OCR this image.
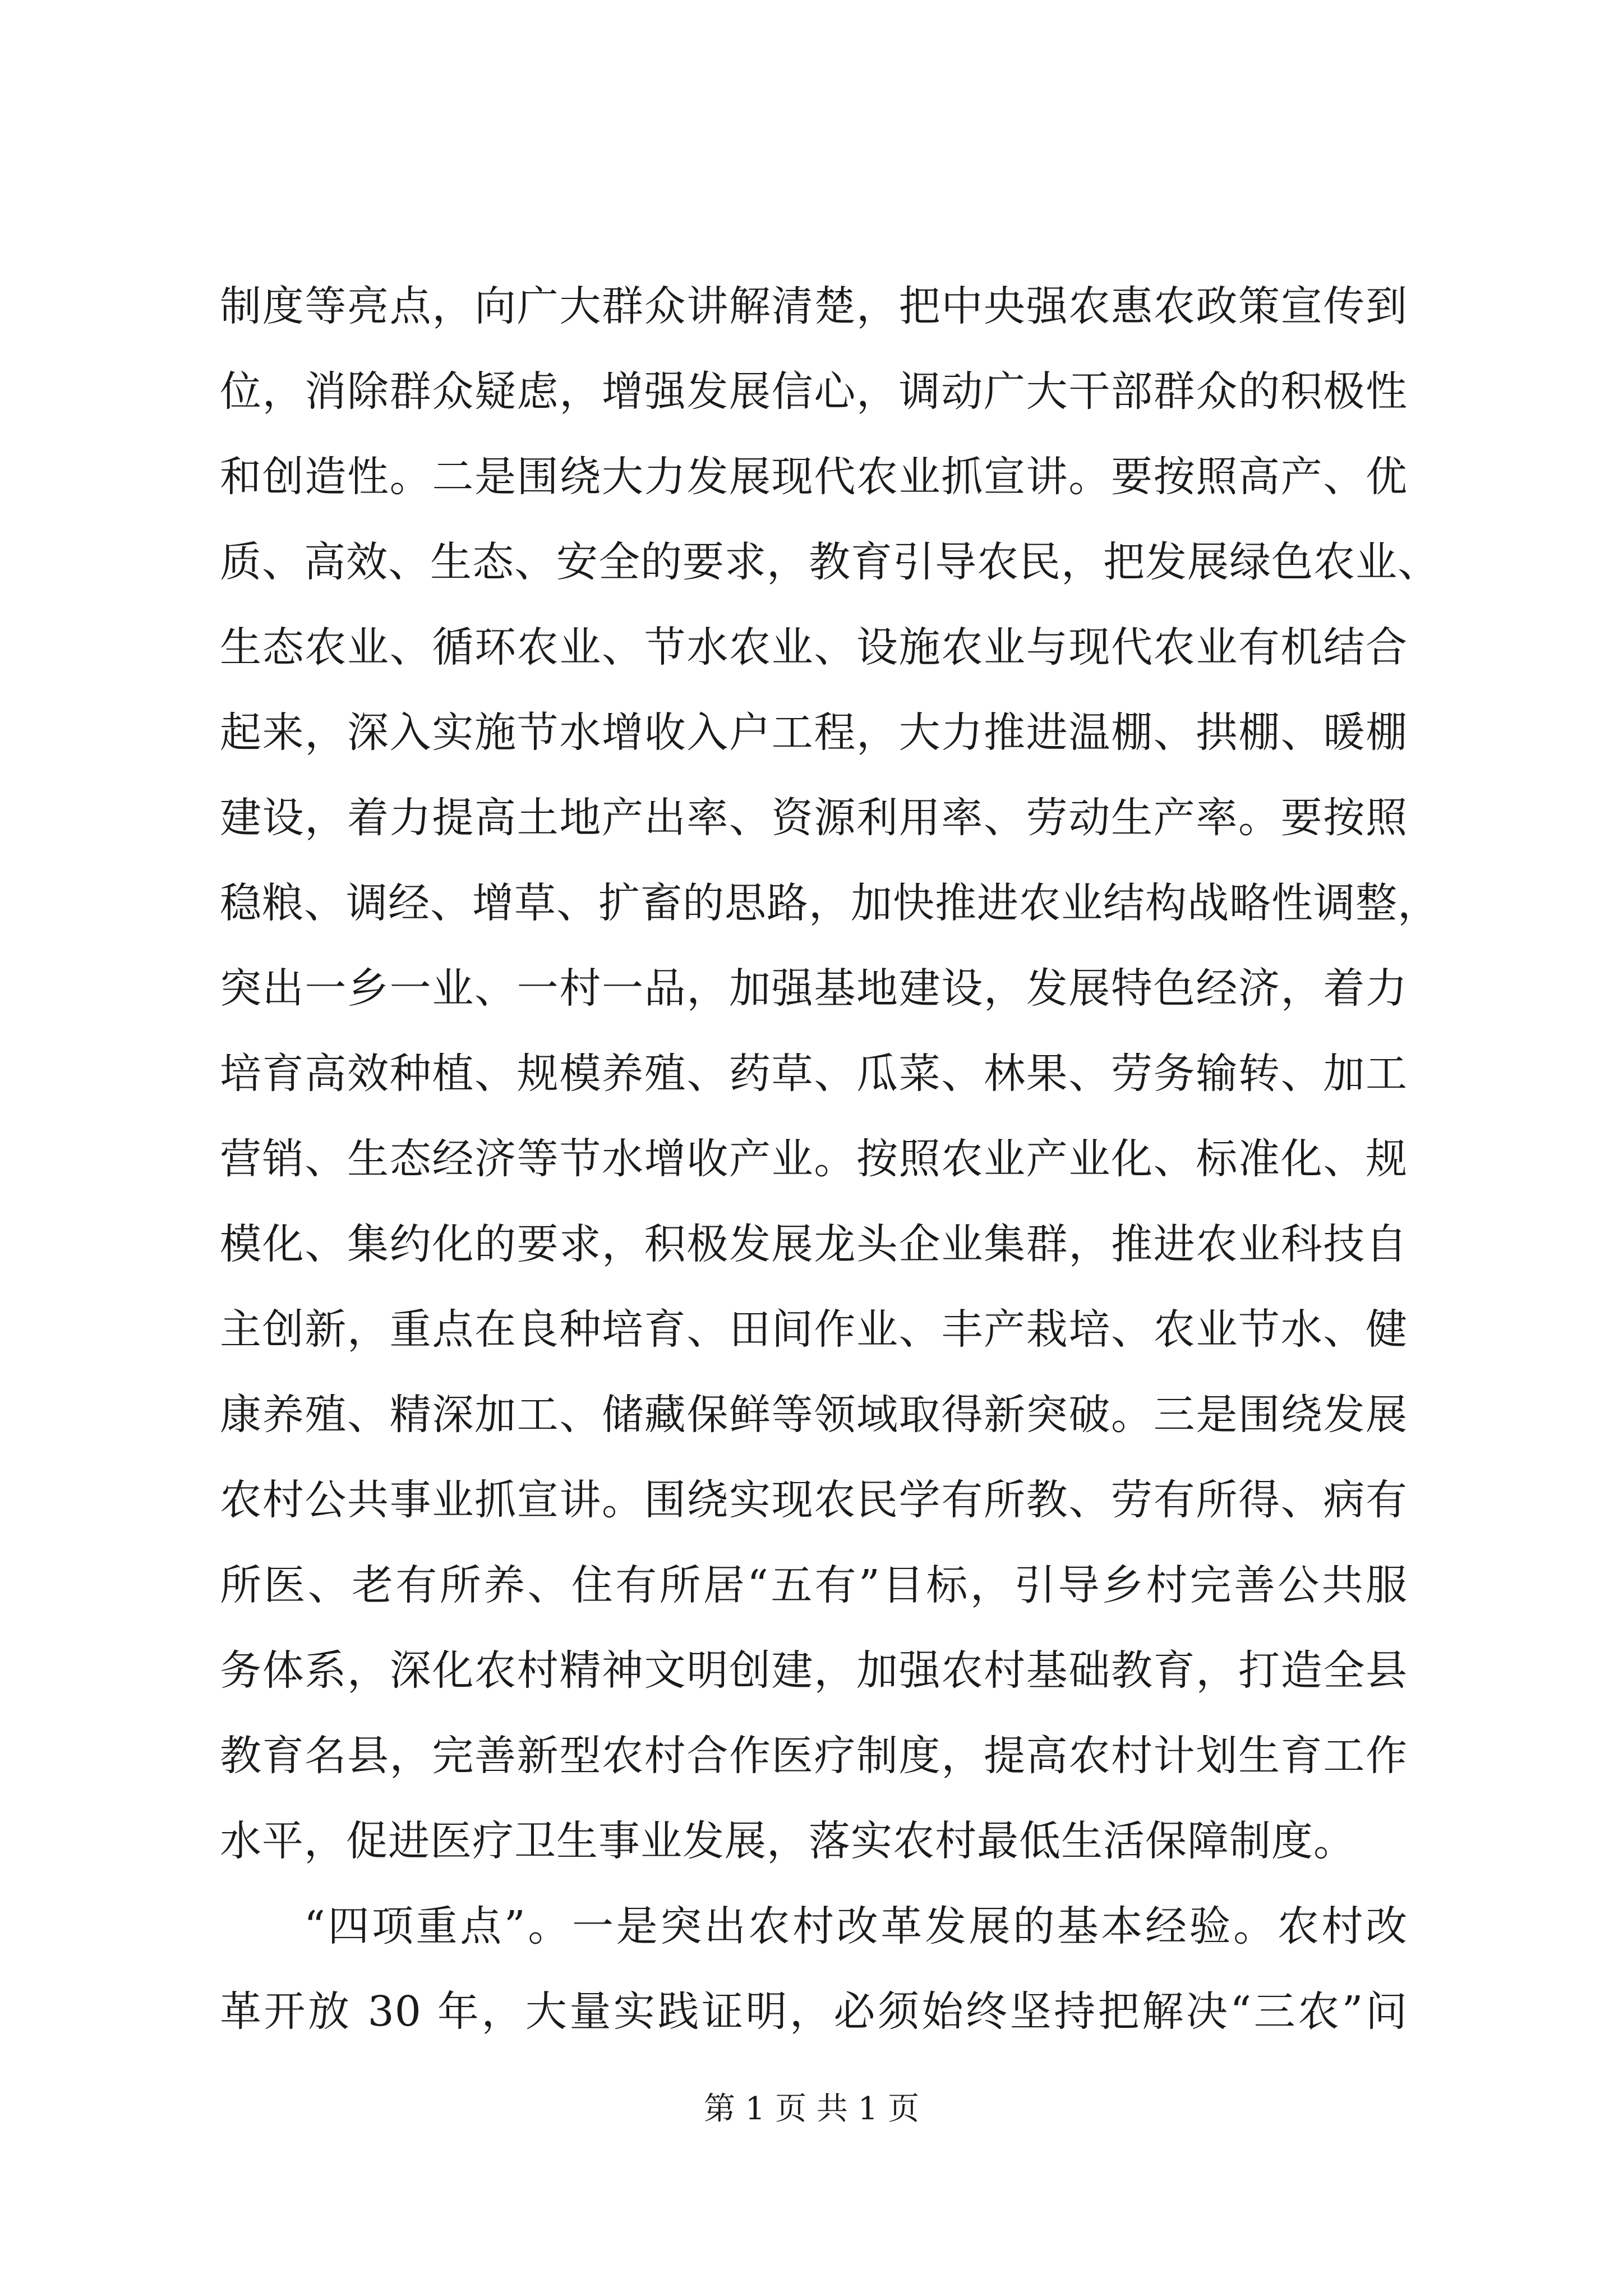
制度等亮点，向广大群众讲解清楚，把中央强农惠农政策宣传到
位，消除群众疑虑，增强发展信心，调动广大干部群众的积极性
和创造性。二是围绕大力发展现代农业抓宣讲。要按照高产、优
质、高效、生态、安全的要求，教育引导农民，把发展绿色农业、
生态农业、循环农业、节水农业、设施农业与现代农业有机结合
起来，深入实施节水增收入户工程，大力推进温棚、拱棚、暖棚
建设，着力提高土地产出率、资源利用率、劳动生产率。要按照
稳粮、调经、增草、扩畜的思路，加快推进农业结构战略性调整，
突出一乡一业、一村一品，加强基地建设，发展特色经济，着力
培育高效种植、规模养殖、药草、瓜菜、林果、劳务输转、加工
营销、生态经济等节水增收产业。按照农业产业化、标准化、规
模化、集约化的要求，积极发展龙头企业集群，推进农业科技自
主创新，重点在良种培育、田间作业、丰产栽培、农业节水、健
康养殖、精深加工、储藏保鲜等领域取得新突破。三是围绕发展
农村公共事业抓宣讲。围绕实现农民学有所教、劳有所得、病有
所医、老有所养、住有所居“五有”目标，引导乡村完善公共服
务体系，深化农村精神文明创建，加强农村基础教育，打造全县
教育名县，完善新型农村合作医疗制度，提高农村计划生育工作
水平，促进医疗卫生事业发展，落实农村最低生活保障制度。
“四项重点”。一是突出农村改革发展的基本经验。农村改
革开放 30 年，大量实践证明，必须始终坚持把解决“三农”问
第 1 页 共 1 页
